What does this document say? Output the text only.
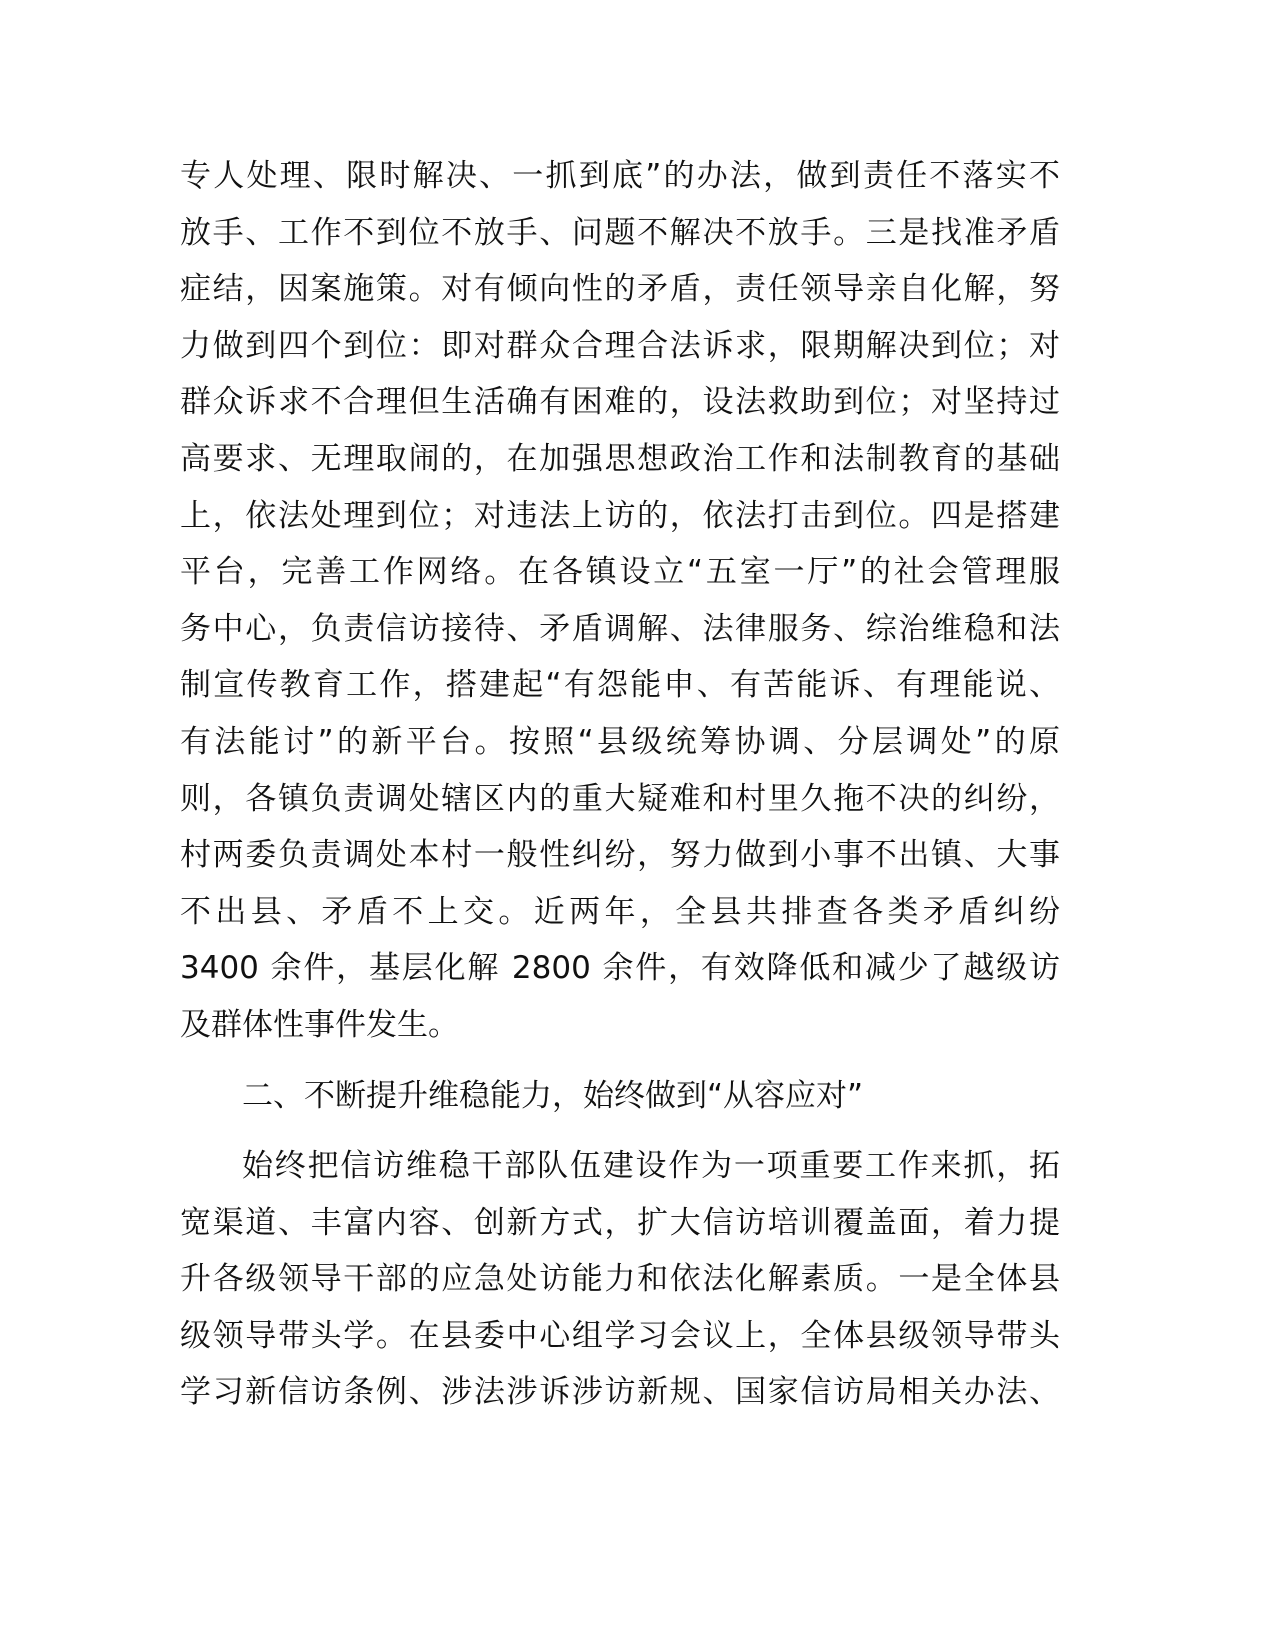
专人处理、限时解决、一抓到底”的办法，做到责任不落实不
放手、工作不到位不放手、问题不解决不放手。三是找准矛盾
症结，因案施策。对有倾向性的矛盾，责任领导亲自化解，努
力做到四个到位：即对群众合理合法诉求，限期解决到位；对
群众诉求不合理但生活确有困难的，设法救助到位；对坚持过
高要求、无理取闹的，在加强思想政治工作和法制教育的基础
上，依法处理到位；对违法上访的，依法打击到位。四是搭建
平台，完善工作网络。在各镇设立“五室一厅”的社会管理服
务中心，负责信访接待、矛盾调解、法律服务、综治维稳和法
制宣传教育工作，搭建起“有怨能申、有苦能诉、有理能说、
有法能讨”的新平台。按照“县级统筹协调、分层调处”的原
则，各镇负责调处辖区内的重大疑难和村里久拖不决的纠纷，
村两委负责调处本村一般性纠纷，努力做到小事不出镇、大事
不出县、矛盾不上交。近两年，全县共排查各类矛盾纠纷
3400 余件，基层化解 2800 余件，有效降低和减少了越级访
及群体性事件发生。
二、不断提升维稳能力，始终做到“从容应对”
始终把信访维稳干部队伍建设作为一项重要工作来抓，拓
宽渠道、丰富内容、创新方式，扩大信访培训覆盖面，着力提
升各级领导干部的应急处访能力和依法化解素质。一是全体县
级领导带头学。在县委中心组学习会议上，全体县级领导带头
学习新信访条例、涉法涉诉涉访新规、国家信访局相关办法、
